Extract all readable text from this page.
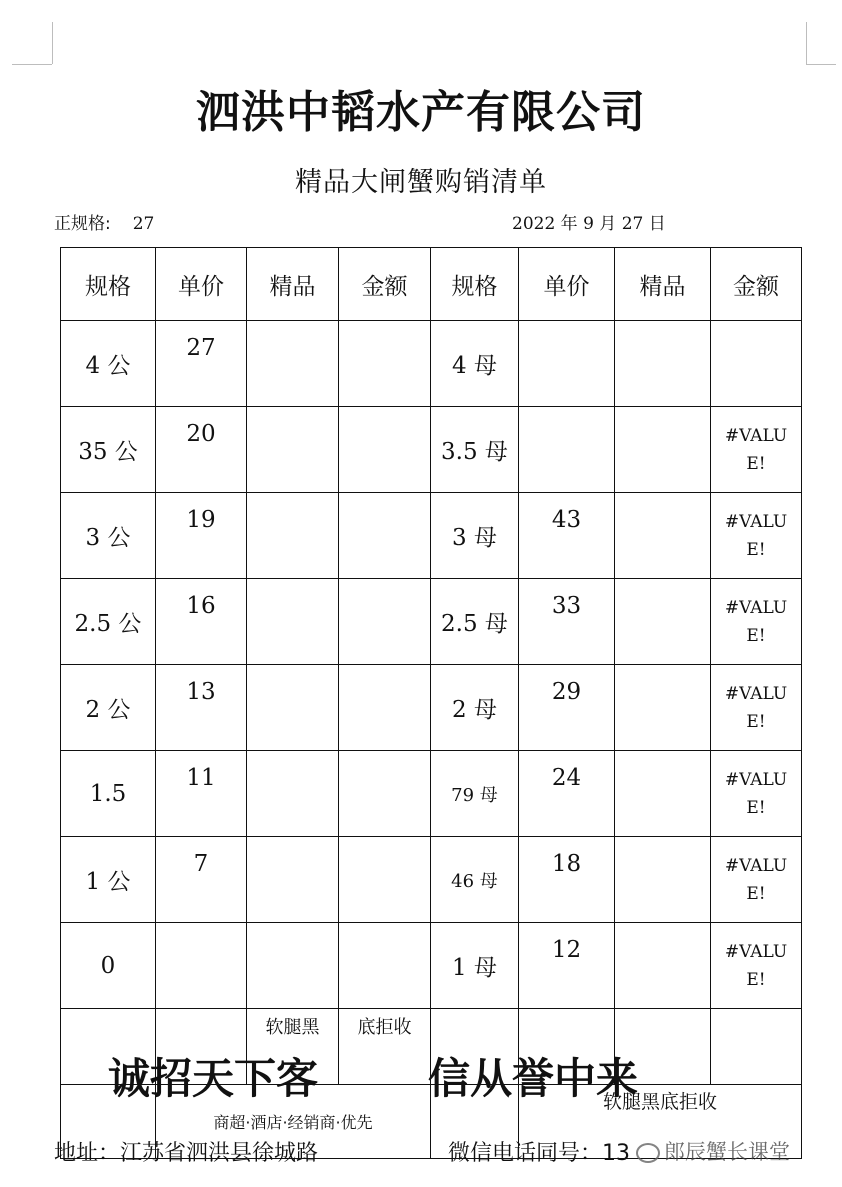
泗洪中韬水产有限公司
精品大闸蟹购销清单
正规格: 27	2022 年 9 月 27 日
规格	单价	精品	金额	规格	单价	精品	金额
4 公	27			4 母			
35 公	20			3.5 母			#VALU
E!

3 公	19			3 母	43		#VALU
E!

2.5 公	16			2.5 母	33		#VALU
E!

2 公	13			2 母	29		#VALU
E!

1.5	11			79 母	24		#VALU
E!

1 公	7			46 母	18		#VALU
E!

0				1 母	12		#VALU
E!

		软腿黑	底拒收				
	商超·酒店·经销商·优先				软腿黑底拒收		
诚招天下客	信从誉中来
地址：江苏省泗洪县徐城路	微信电话同号：13	郎辰蟹长课堂
